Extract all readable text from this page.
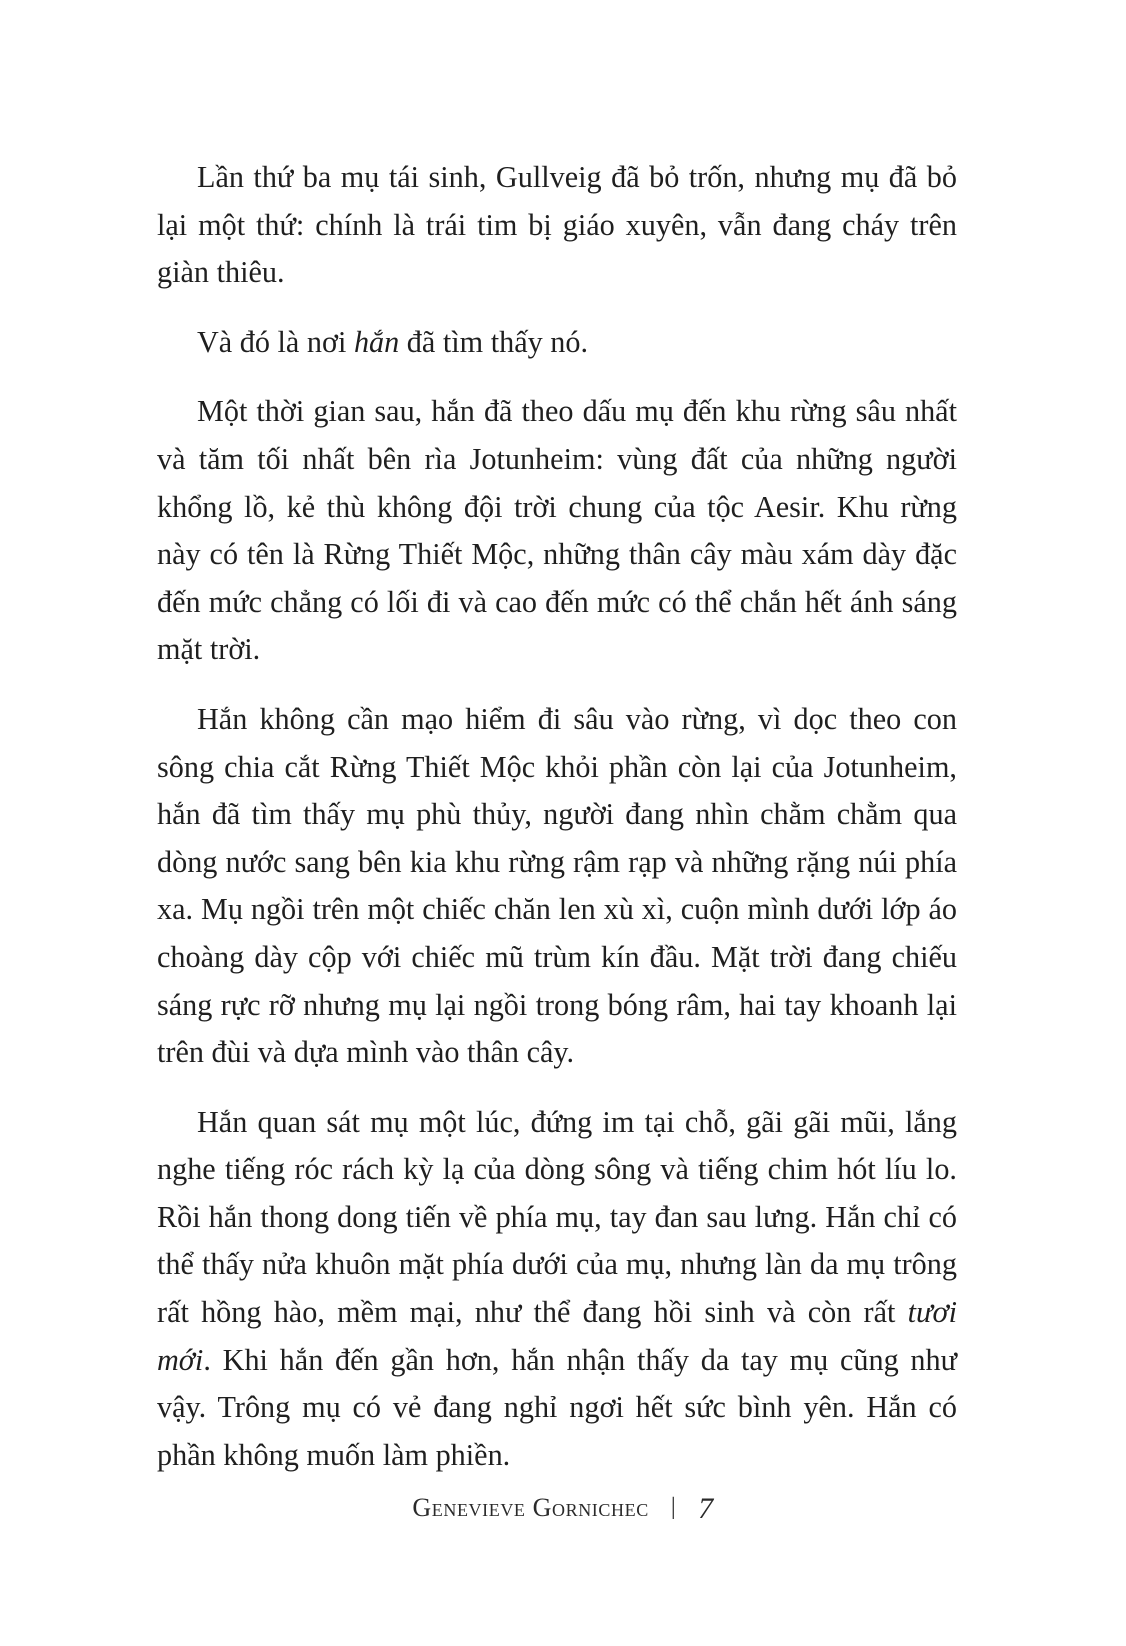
Lần thứ ba mụ tái sinh, Gullveig đã bỏ trốn, nhưng mụ đã bỏ lại một thứ: chính là trái tim bị giáo xuyên, vẫn đang cháy trên giàn thiêu.

Và đó là nơi hắn đã tìm thấy nó.

Một thời gian sau, hắn đã theo dấu mụ đến khu rừng sâu nhất và tăm tối nhất bên rìa Jotunheim: vùng đất của những người khổng lồ, kẻ thù không đội trời chung của tộc Aesir. Khu rừng này có tên là Rừng Thiết Mộc, những thân cây màu xám dày đặc đến mức chẳng có lối đi và cao đến mức có thể chắn hết ánh sáng mặt trời.

Hắn không cần mạo hiểm đi sâu vào rừng, vì dọc theo con sông chia cắt Rừng Thiết Mộc khỏi phần còn lại của Jotunheim, hắn đã tìm thấy mụ phù thủy, người đang nhìn chằm chằm qua dòng nước sang bên kia khu rừng rậm rạp và những rặng núi phía xa. Mụ ngồi trên một chiếc chăn len xù xì, cuộn mình dưới lớp áo choàng dày cộp với chiếc mũ trùm kín đầu. Mặt trời đang chiếu sáng rực rỡ nhưng mụ lại ngồi trong bóng râm, hai tay khoanh lại trên đùi và dựa mình vào thân cây.

Hắn quan sát mụ một lúc, đứng im tại chỗ, gãi gãi mũi, lắng nghe tiếng róc rách kỳ lạ của dòng sông và tiếng chim hót líu lo. Rồi hắn thong dong tiến về phía mụ, tay đan sau lưng. Hắn chỉ có thể thấy nửa khuôn mặt phía dưới của mụ, nhưng làn da mụ trông rất hồng hào, mềm mại, như thể đang hồi sinh và còn rất tươi mới. Khi hắn đến gần hơn, hắn nhận thấy da tay mụ cũng như vậy. Trông mụ có vẻ đang nghỉ ngơi hết sức bình yên. Hắn có phần không muốn làm phiền.

Genevieve Gornichec | 7
